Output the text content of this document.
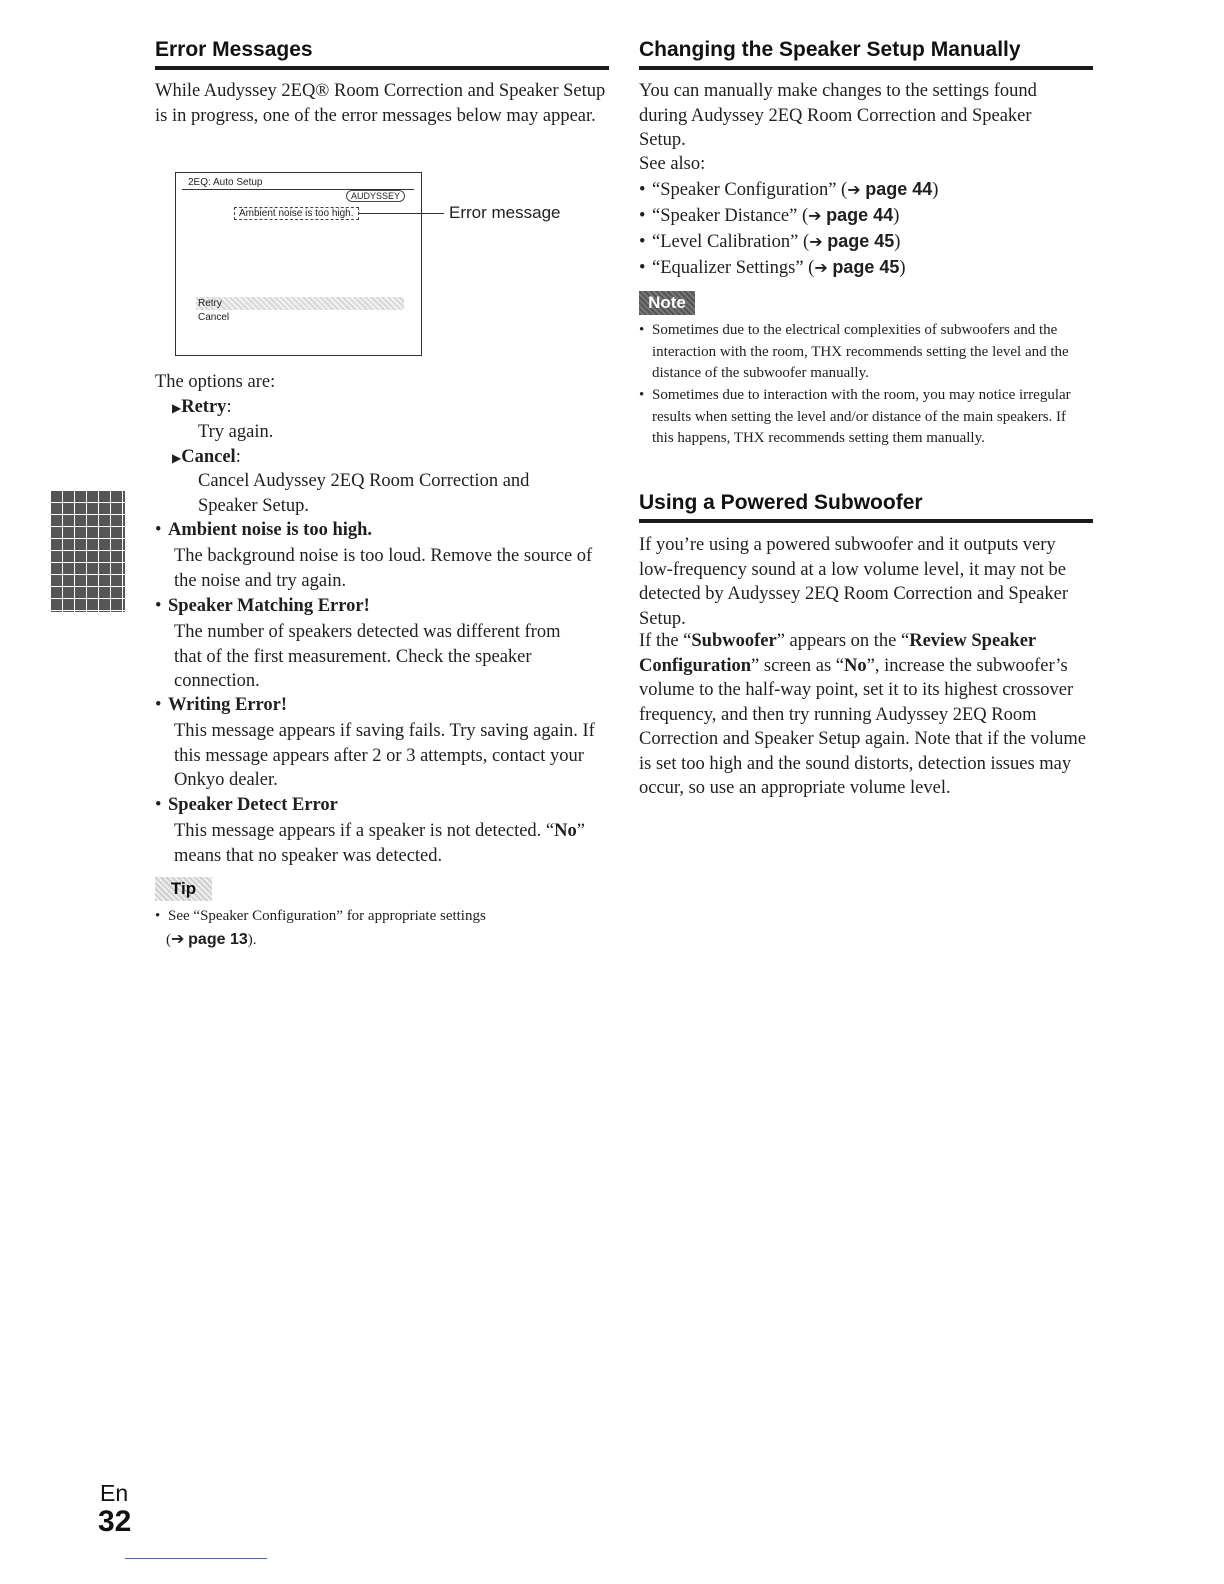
Error Messages
While Audyssey 2EQ® Room Correction and Speaker Setup is in progress, one of the error messages below may appear.
2EQ: Auto Setup
AUDYSSEY
Ambient noise is too high.
Retry
Cancel
Error message
The options are:
▶Retry:
Try again.
▶Cancel:
Cancel Audyssey 2EQ Room Correction and Speaker Setup.
• Ambient noise is too high.
The background noise is too loud. Remove the source of the noise and try again.
• Speaker Matching Error!
The number of speakers detected was different from that of the first measurement. Check the speaker connection.
• Writing Error!
This message appears if saving fails. Try saving again. If this message appears after 2 or 3 attempts, contact your Onkyo dealer.
• Speaker Detect Error
This message appears if a speaker is not detected. “No” means that no speaker was detected.
Tip
• See “Speaker Configuration” for appropriate settings
(➔ page 13).
Changing the Speaker Setup Manually
You can manually make changes to the settings found during Audyssey 2EQ Room Correction and Speaker Setup.
See also:
• “Speaker Configuration” (➔ page 44)
• “Speaker Distance” (➔ page 44)
• “Level Calibration” (➔ page 45)
• “Equalizer Settings” (➔ page 45)
Note
• Sometimes due to the electrical complexities of subwoofers and the interaction with the room, THX recommends setting the level and the distance of the subwoofer manually.
• Sometimes due to interaction with the room, you may notice irregular results when setting the level and/or distance of the main speakers. If this happens, THX recommends setting them manually.
Using a Powered Subwoofer
If you’re using a powered subwoofer and it outputs very low-frequency sound at a low volume level, it may not be detected by Audyssey 2EQ Room Correction and Speaker Setup.
If the “Subwoofer” appears on the “Review Speaker Configuration” screen as “No”, increase the subwoofer’s volume to the half-way point, set it to its highest crossover frequency, and then try running Audyssey 2EQ Room Correction and Speaker Setup again. Note that if the volume is set too high and the sound distorts, detection issues may occur, so use an appropriate volume level.
En
32
